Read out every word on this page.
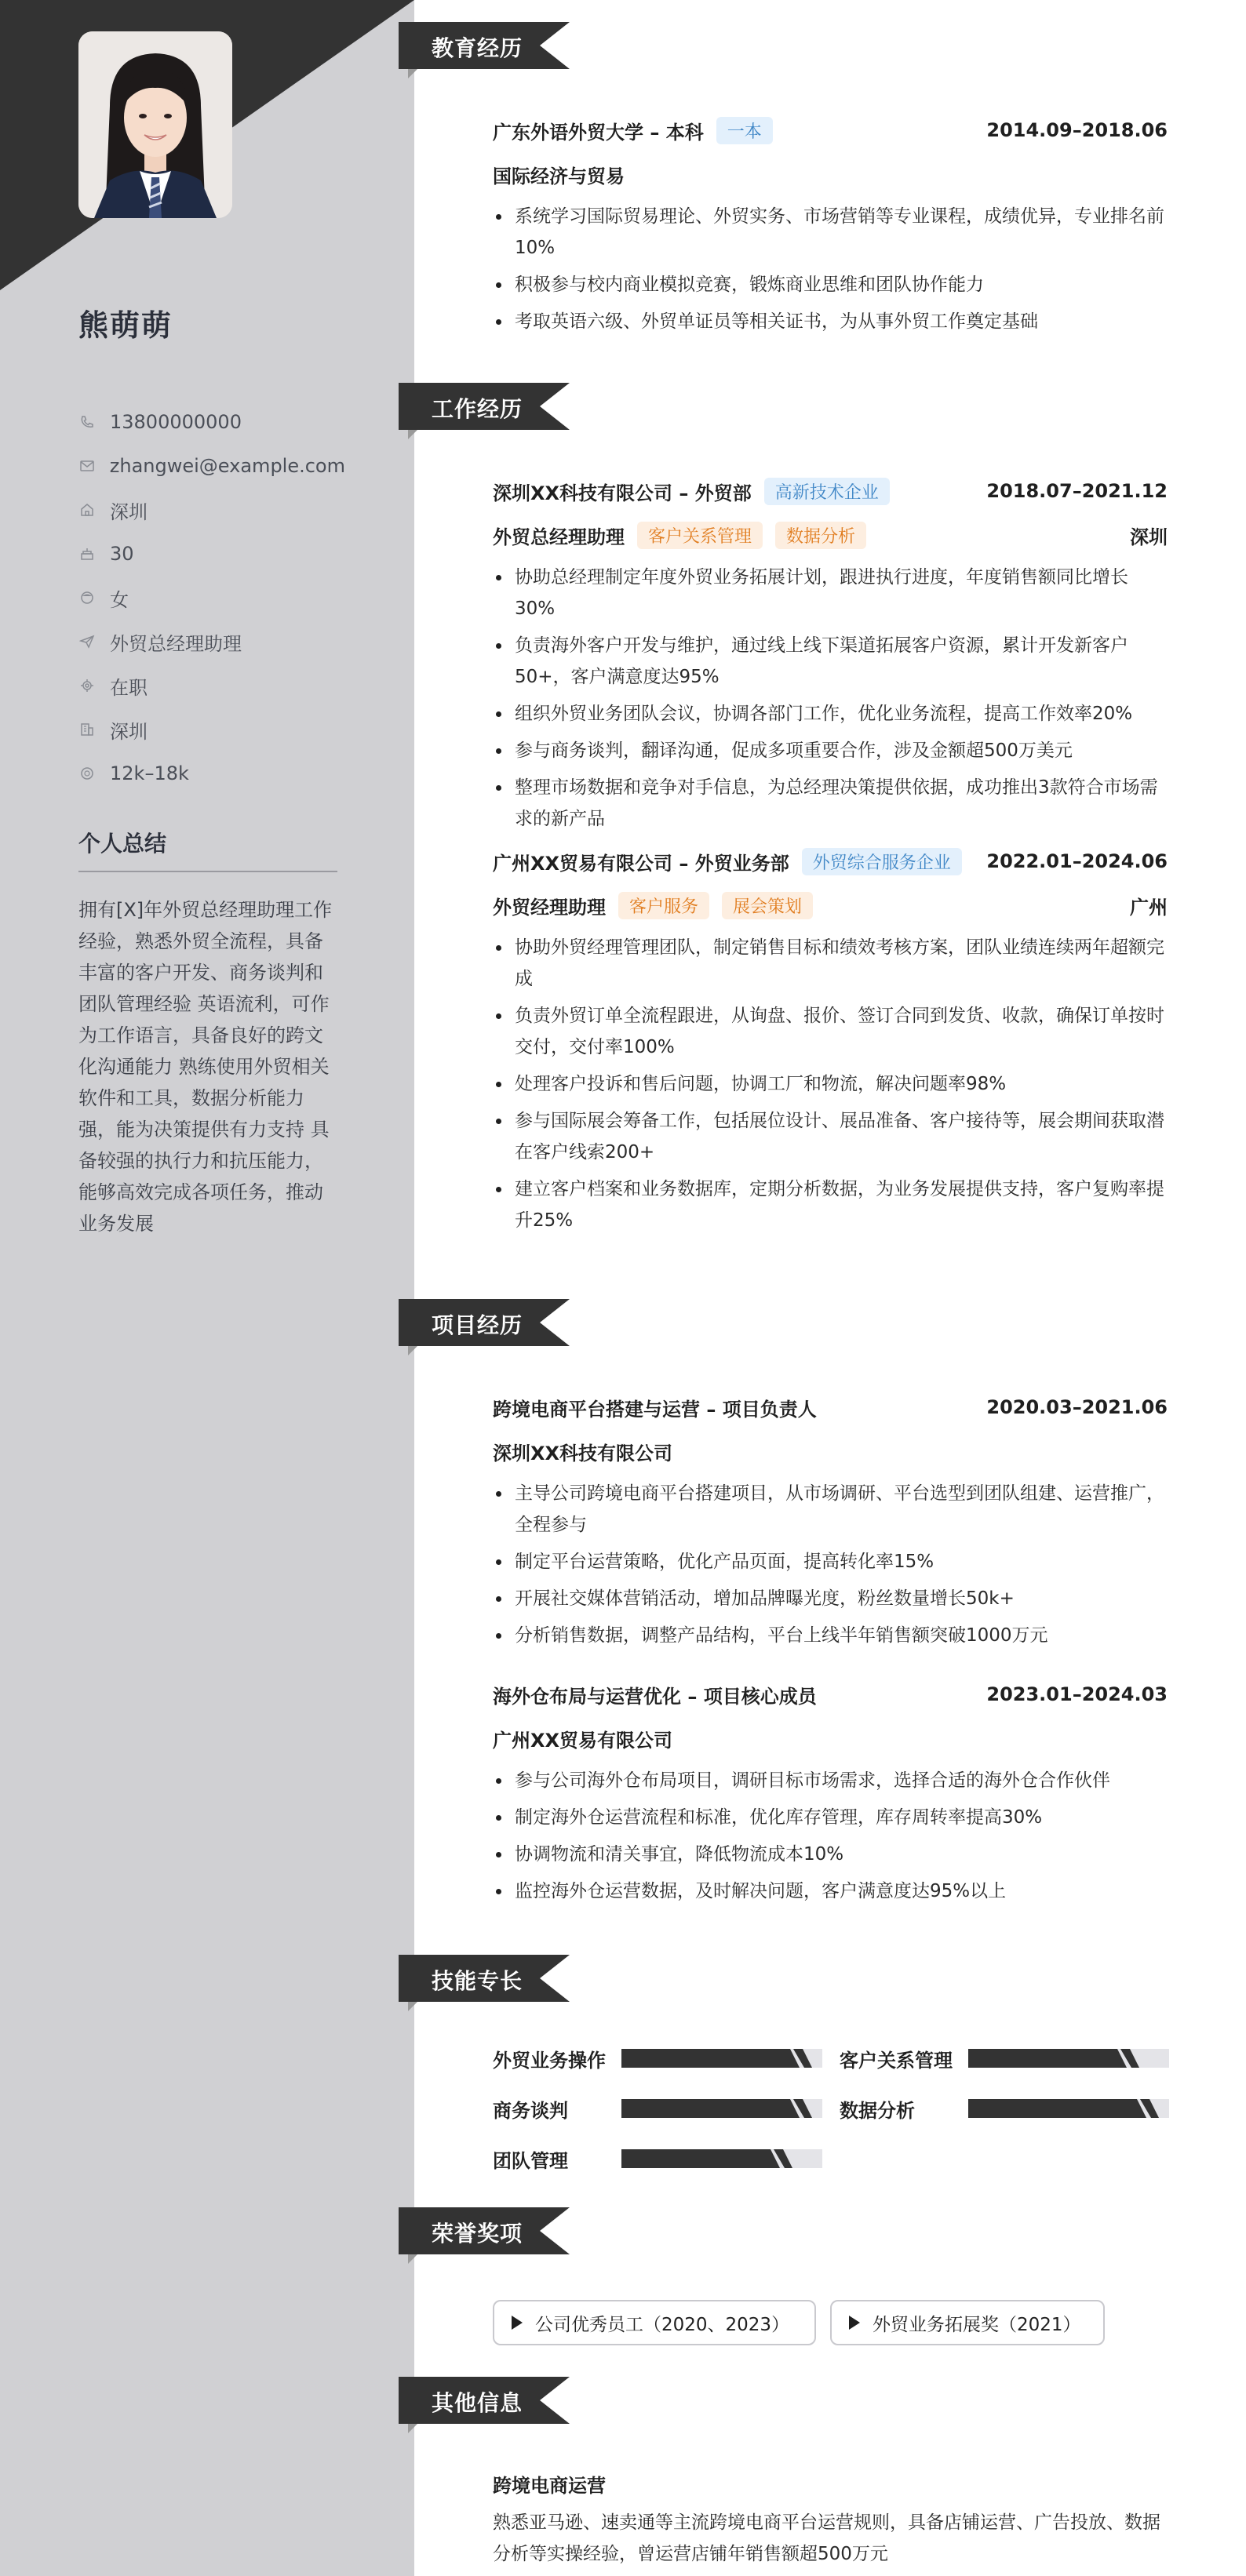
熊萌萌
13800000000
zhangwei@example.com
深圳
30
女
外贸总经理助理
在职
深圳
12k–18k
个人总结
拥有[X]年外贸总经理助理工作经验，熟悉外贸全流程，具备丰富的客户开发、商务谈判和团队管理经验 英语流利，可作为工作语言，具备良好的跨文化沟通能力 熟练使用外贸相关软件和工具，数据分析能力强，能为决策提供有力支持 具备较强的执行力和抗压能力，能够高效完成各项任务，推动业务发展
教育经历
广东外语外贸大学 – 本科	一本	2014.09–2018.06
国际经济与贸易
系统学习国际贸易理论、外贸实务、市场营销等专业课程，成绩优异，专业排名前10%
积极参与校内商业模拟竞赛，锻炼商业思维和团队协作能力
考取英语六级、外贸单证员等相关证书，为从事外贸工作奠定基础
工作经历
深圳XX科技有限公司 – 外贸部	高新技术企业	2018.07–2021.12
外贸总经理助理	客户关系管理	数据分析	深圳
协助总经理制定年度外贸业务拓展计划，跟进执行进度，年度销售额同比增长30%
负责海外客户开发与维护，通过线上线下渠道拓展客户资源，累计开发新客户50+，客户满意度达95%
组织外贸业务团队会议，协调各部门工作，优化业务流程，提高工作效率20%
参与商务谈判，翻译沟通，促成多项重要合作，涉及金额超500万美元
整理市场数据和竞争对手信息，为总经理决策提供依据，成功推出3款符合市场需求的新产品
广州XX贸易有限公司 – 外贸业务部	外贸综合服务企业	2022.01–2024.06
外贸经理助理	客户服务	展会策划	广州
协助外贸经理管理团队，制定销售目标和绩效考核方案，团队业绩连续两年超额完成
负责外贸订单全流程跟进，从询盘、报价、签订合同到发货、收款，确保订单按时交付，交付率100%
处理客户投诉和售后问题，协调工厂和物流，解决问题率98%
参与国际展会筹备工作，包括展位设计、展品准备、客户接待等，展会期间获取潜在客户线索200+
建立客户档案和业务数据库，定期分析数据，为业务发展提供支持，客户复购率提升25%
项目经历
跨境电商平台搭建与运营 – 项目负责人	2020.03–2021.06
深圳XX科技有限公司
主导公司跨境电商平台搭建项目，从市场调研、平台选型到团队组建、运营推广，全程参与
制定平台运营策略，优化产品页面，提高转化率15%
开展社交媒体营销活动，增加品牌曝光度，粉丝数量增长50k+
分析销售数据，调整产品结构，平台上线半年销售额突破1000万元
海外仓布局与运营优化 – 项目核心成员	2023.01–2024.03
广州XX贸易有限公司
参与公司海外仓布局项目，调研目标市场需求，选择合适的海外仓合作伙伴
制定海外仓运营流程和标准，优化库存管理，库存周转率提高30%
协调物流和清关事宜，降低物流成本10%
监控海外仓运营数据，及时解决问题，客户满意度达95%以上
技能专长
外贸业务操作	客户关系管理
商务谈判	数据分析
团队管理
荣誉奖项
公司优秀员工（2020、2023）	外贸业务拓展奖（2021）
其他信息
跨境电商运营
熟悉亚马逊、速卖通等主流跨境电商平台运营规则，具备店铺运营、广告投放、数据分析等实操经验，曾运营店铺年销售额超500万元
